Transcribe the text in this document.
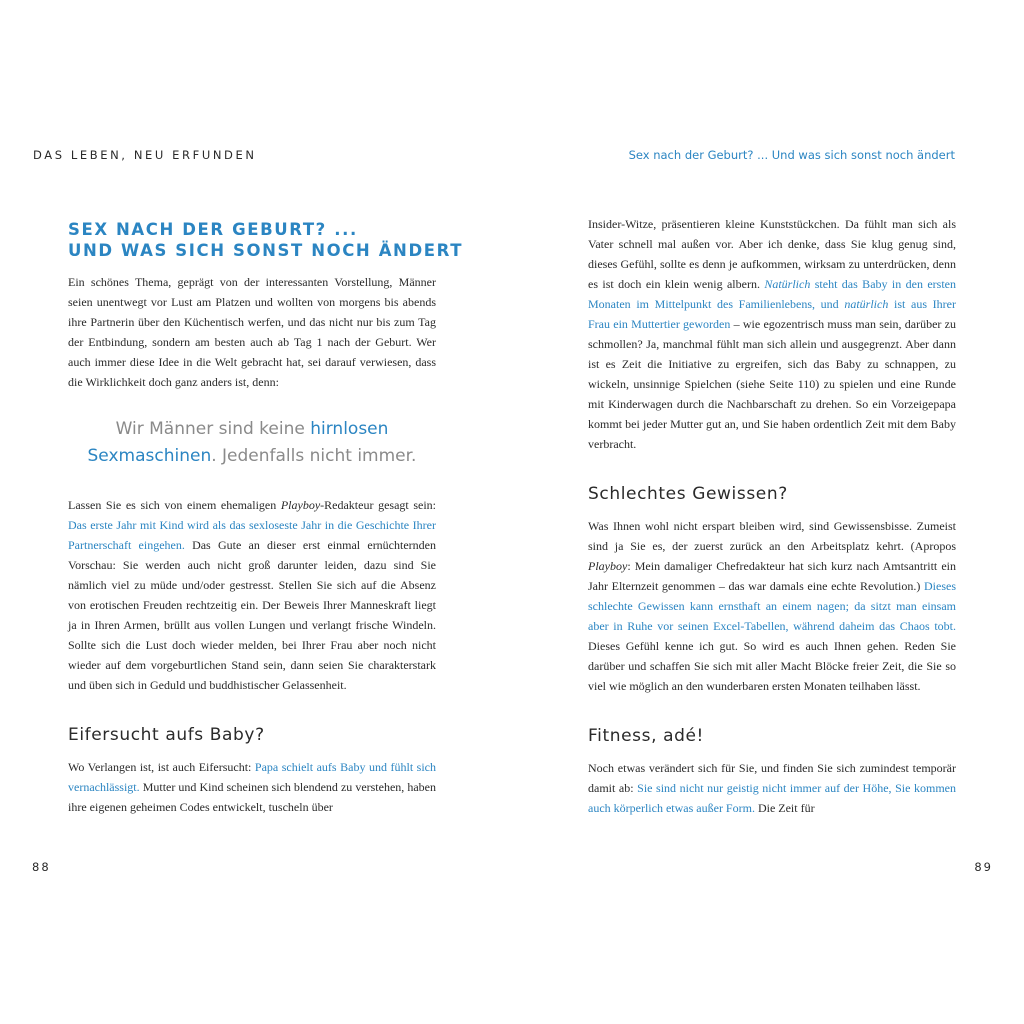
DAS LEBEN, NEU ERFUNDEN	Sex nach der Geburt? ... Und was sich sonst noch ändert
SEX NACH DER GEBURT? ...
UND WAS SICH SONST NOCH ÄNDERT

Ein schönes Thema, geprägt von der interessanten Vorstellung, Männer seien unentwegt vor Lust am Platzen und wollten von morgens bis abends ihre Partnerin über den Küchentisch werfen, und das nicht nur bis zum Tag der Entbindung, sondern am besten auch ab Tag 1 nach der Geburt. Wer auch immer diese Idee in die Welt gebracht hat, sei darauf verwiesen, dass die Wirklichkeit doch ganz anders ist, denn:

Wir Männer sind keine hirnlosen Sexmaschinen. Jedenfalls nicht immer.

Lassen Sie es sich von einem ehemaligen Playboy-Redakteur gesagt sein: Das erste Jahr mit Kind wird als das sexloseste Jahr in die Geschichte Ihrer Partnerschaft eingehen. Das Gute an dieser erst einmal ernüchternden Vorschau: Sie werden auch nicht groß darunter leiden, dazu sind Sie nämlich viel zu müde und/oder gestresst. Stellen Sie sich auf die Absenz von erotischen Freuden rechtzeitig ein. Der Beweis Ihrer Manneskraft liegt ja in Ihren Armen, brüllt aus vollen Lungen und verlangt frische Windeln. Sollte sich die Lust doch wieder melden, bei Ihrer Frau aber noch nicht wieder auf dem vorgeburtlichen Stand sein, dann seien Sie charakterstark und üben sich in Geduld und buddhistischer Gelassenheit.

Eifersucht aufs Baby?

Wo Verlangen ist, ist auch Eifersucht: Papa schielt aufs Baby und fühlt sich vernachlässigt. Mutter und Kind scheinen sich blendend zu verstehen, haben ihre eigenen geheimen Codes entwickelt, tuscheln über

Insider-Witze, präsentieren kleine Kunststückchen. Da fühlt man sich als Vater schnell mal außen vor. Aber ich denke, dass Sie klug genug sind, dieses Gefühl, sollte es denn je aufkommen, wirksam zu unterdrücken, denn es ist doch ein klein wenig albern. Natürlich steht das Baby in den ersten Monaten im Mittelpunkt des Familienlebens, und natürlich ist aus Ihrer Frau ein Muttertier geworden – wie egozentrisch muss man sein, darüber zu schmollen? Ja, manchmal fühlt man sich allein und ausgegrenzt. Aber dann ist es Zeit die Initiative zu ergreifen, sich das Baby zu schnappen, zu wickeln, unsinnige Spielchen (siehe Seite 110) zu spielen und eine Runde mit Kinderwagen durch die Nachbarschaft zu drehen. So ein Vorzeigepapa kommt bei jeder Mutter gut an, und Sie haben ordentlich Zeit mit dem Baby verbracht.

Schlechtes Gewissen?

Was Ihnen wohl nicht erspart bleiben wird, sind Gewissensbisse. Zumeist sind ja Sie es, der zuerst zurück an den Arbeitsplatz kehrt. (Apropos Playboy: Mein damaliger Chefredakteur hat sich kurz nach Amtsantritt ein Jahr Elternzeit genommen – das war damals eine echte Revolution.) Dieses schlechte Gewissen kann ernsthaft an einem nagen; da sitzt man einsam aber in Ruhe vor seinen Excel-Tabellen, während daheim das Chaos tobt. Dieses Gefühl kenne ich gut. So wird es auch Ihnen gehen. Reden Sie darüber und schaffen Sie sich mit aller Macht Blöcke freier Zeit, die Sie so viel wie möglich an den wunderbaren ersten Monaten teilhaben lässt.

Fitness, adé!

Noch etwas verändert sich für Sie, und finden Sie sich zumindest temporär damit ab: Sie sind nicht nur geistig nicht immer auf der Höhe, Sie kommen auch körperlich etwas außer Form. Die Zeit für

88	89
